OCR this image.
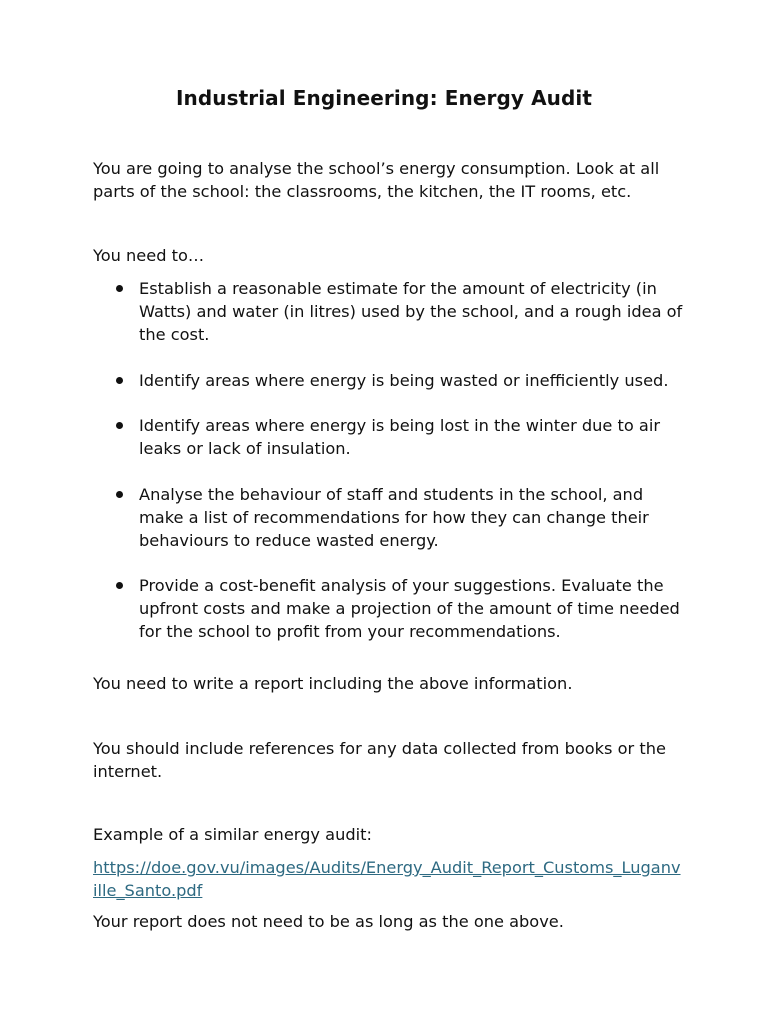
Industrial Engineering: Energy Audit

You are going to analyse the school’s energy consumption. Look at all parts of the school: the classrooms, the kitchen, the IT rooms, etc.

You need to…

Establish a reasonable estimate for the amount of electricity (in Watts) and water (in litres) used by the school, and a rough idea of the cost.
Identify areas where energy is being wasted or inefficiently used.
Identify areas where energy is being lost in the winter due to air leaks or lack of insulation.
Analyse the behaviour of staff and students in the school, and make a list of recommendations for how they can change their behaviours to reduce wasted energy.
Provide a cost-benefit analysis of your suggestions. Evaluate the upfront costs and make a projection of the amount of time needed for the school to profit from your recommendations.

You need to write a report including the above information.

You should include references for any data collected from books or the internet.

Example of a similar energy audit:

https://doe.gov.vu/images/Audits/Energy_Audit_Report_Customs_Luganville_Santo.pdf

Your report does not need to be as long as the one above.
